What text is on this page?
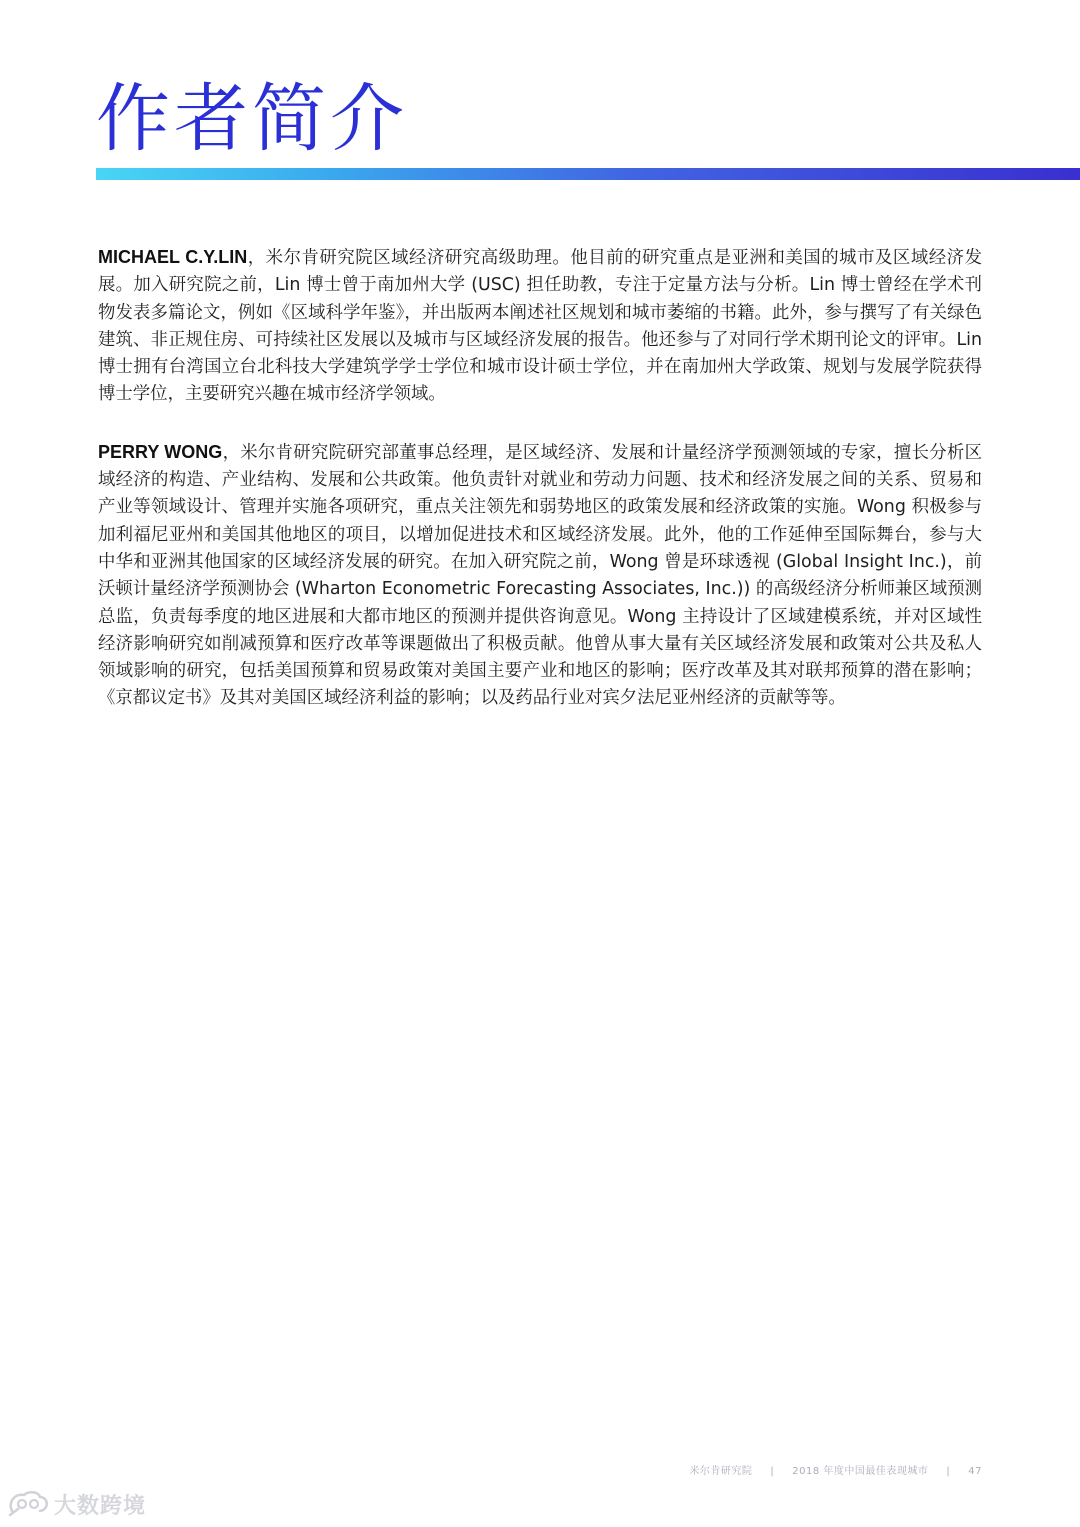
作者简介

MICHAEL C.Y.LIN，米尔肯研究院区域经济研究高级助理。他目前的研究重点是亚洲和美国的城市及区域经济发展。加入研究院之前，Lin 博士曾于南加州大学 (USC) 担任助教，专注于定量方法与分析。Lin 博士曾经在学术刊物发表多篇论文，例如《区域科学年鉴》，并出版两本阐述社区规划和城市萎缩的书籍。此外，参与撰写了有关绿色建筑、非正规住房、可持续社区发展以及城市与区域经济发展的报告。他还参与了对同行学术期刊论文的评审。Lin 博士拥有台湾国立台北科技大学建筑学学士学位和城市设计硕士学位，并在南加州大学政策、规划与发展学院获得博士学位，主要研究兴趣在城市经济学领域。

PERRY WONG，米尔肯研究院研究部董事总经理，是区域经济、发展和计量经济学预测领域的专家，擅长分析区域经济的构造、产业结构、发展和公共政策。他负责针对就业和劳动力问题、技术和经济发展之间的关系、贸易和产业等领域设计、管理并实施各项研究，重点关注领先和弱势地区的政策发展和经济政策的实施。Wong 积极参与加利福尼亚州和美国其他地区的项目，以增加促进技术和区域经济发展。此外，他的工作延伸至国际舞台，参与大中华和亚洲其他国家的区域经济发展的研究。在加入研究院之前，Wong 曾是环球透视 (Global Insight Inc.)，前沃顿计量经济学预测协会 (Wharton Econometric Forecasting Associates, Inc.)) 的高级经济分析师兼区域预测总监，负责每季度的地区进展和大都市地区的预测并提供咨询意见。Wong 主持设计了区域建模系统，并对区域性经济影响研究如削减预算和医疗改革等课题做出了积极贡献。他曾从事大量有关区域经济发展和政策对公共及私人领域影响的研究，包括美国预算和贸易政策对美国主要产业和地区的影响；医疗改革及其对联邦预算的潜在影响；《京都议定书》及其对美国区域经济利益的影响；以及药品行业对宾夕法尼亚州经济的贡献等等。

米尔肯研究院 | 2018 年度中国最佳表现城市 | 47
大数跨境
